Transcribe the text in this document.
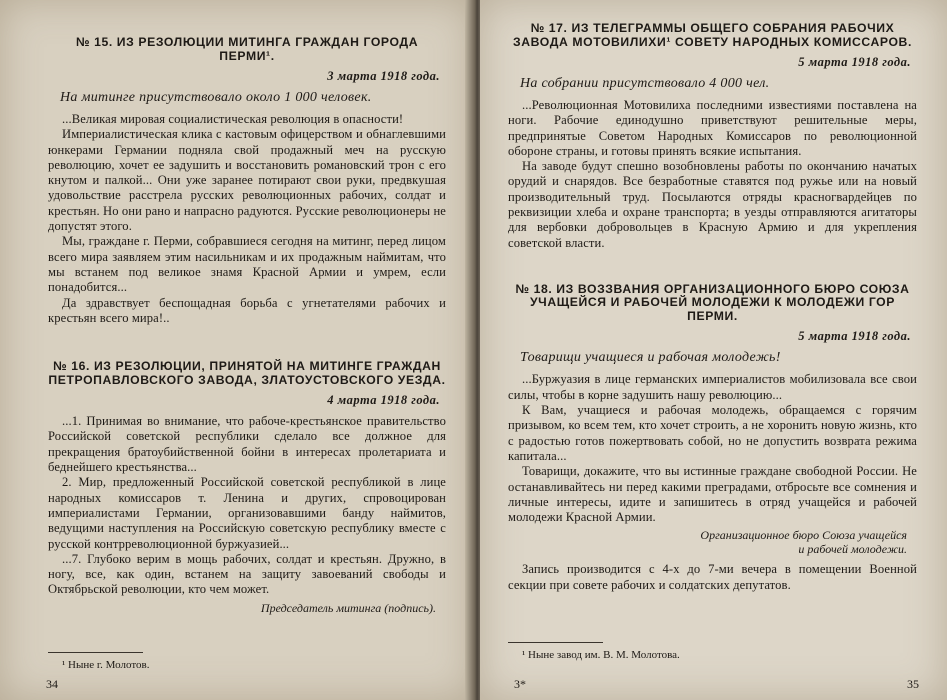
№ 15. ИЗ РЕЗОЛЮЦИИ МИТИНГА ГРАЖДАН ГОРОДА
ПЕРМИ¹.
3 марта 1918 года.
На митинге присутствовало около 1 000 человек.

...Великая мировая социалистическая революция в опасности!

Империалистическая клика с кастовым офицерством и обнаглевшими юнкерами Германии подняла свой продажный меч на русскую революцию, хочет ее задушить и восстановить романовский трон с его кнутом и палкой... Они уже заранее потирают свои руки, предвкушая удовольствие расстрела русских революционных рабочих, солдат и крестьян. Но они рано и напрасно радуются. Русские революционеры не допустят этого.

Мы, граждане г. Перми, собравшиеся сегодня на митинг, перед лицом всего мира заявляем этим насильникам и их продажным наймитам, что мы встанем под великое знамя Красной Армии и умрем, если понадобится...

Да здравствует беспощадная борьба с угнетателями рабочих и крестьян всего мира!..

№ 16. ИЗ РЕЗОЛЮЦИИ, ПРИНЯТОЙ НА МИТИНГЕ ГРАЖДАН
ПЕТРОПАВЛОВСКОГО ЗАВОДА, ЗЛАТОУСТОВСКОГО УЕЗДА.
4 марта 1918 года.

...1. Принимая во внимание, что рабоче-крестьянское правительство Российской советской республики сделало все должное для прекращения братоубийственной бойни в интересах пролетариата и беднейшего крестьянства...

2. Мир, предложенный Российской советской республикой в лице народных комиссаров т. Ленина и других, спровоцирован империалистами Германии, организовавшими банду наймитов, ведущими наступления на Российскую советскую республику вместе с русской контрреволюционной буржуазией...

...7. Глубоко верим в мощь рабочих, солдат и крестьян. Дружно, в ногу, все, как один, встанем на защиту завоеваний свободы и Октябрьской революции, кто чем может.

Председатель митинга (подпись).
¹ Ныне г. Молотов.
34
№ 17. ИЗ ТЕЛЕГРАММЫ ОБЩЕГО СОБРАНИЯ РАБОЧИХ
ЗАВОДА МОТОВИЛИХИ¹ СОВЕТУ НАРОДНЫХ КОМИССАРОВ.
5 марта 1918 года.
На собрании присутствовало 4 000 чел.

...Революционная Мотовилиха последними известиями поставлена на ноги. Рабочие единодушно приветствуют решительные меры, предпринятые Советом Народных Комиссаров по революционной обороне страны, и готовы принять всякие испытания.

На заводе будут спешно возобновлены работы по окончанию начатых орудий и снарядов. Все безработные ставятся под ружье или на новый производительный труд. Посылаются отряды красногвардейцев по реквизиции хлеба и охране транспорта; в уезды отправляются агитаторы для вербовки добровольцев в Красную Армию и для укрепления советской власти.

№ 18. ИЗ ВОЗЗВАНИЯ ОРГАНИЗАЦИОННОГО БЮРО СОЮЗА
УЧАЩЕЙСЯ И РАБОЧЕЙ МОЛОДЕЖИ К МОЛОДЕЖИ ГОР
ПЕРМИ.
5 марта 1918 года.
Товарищи учащиеся и рабочая молодежь!

...Буржуазия в лице германских империалистов мобилизовала все свои силы, чтобы в корне задушить нашу революцию...

К Вам, учащиеся и рабочая молодежь, обращаемся с горячим призывом, ко всем тем, кто хочет строить, а не хоронить новую жизнь, кто с радостью готов пожертвовать собой, но не допустить возврата режима капитала...

Товарищи, докажите, что вы истинные граждане свободной России. Не останавливайтесь ни перед какими преградами, отбросьте все сомнения и личные интересы, идите и запишитесь в отряд учащейся и рабочей молодежи Красной Армии.

Организационное бюро Союза учащейся
и рабочей молодежи.

Запись производится с 4-х до 7-ми вечера в помещении Военной секции при совете рабочих и солдатских депутатов.

¹ Ныне завод им. В. М. Молотова.
3*	35
